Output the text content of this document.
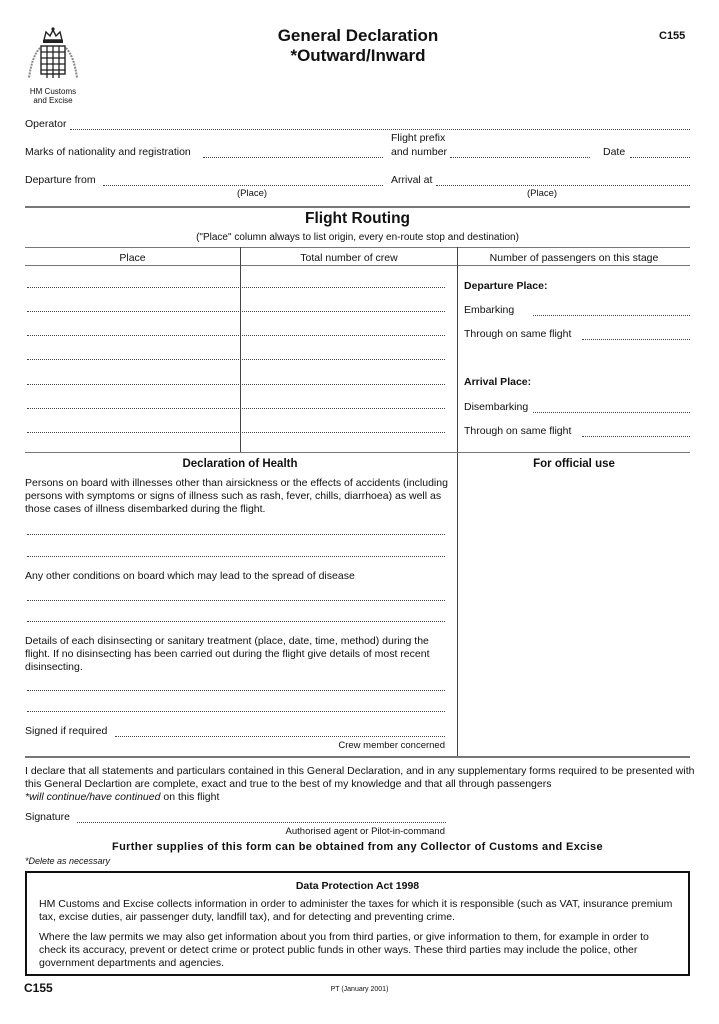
HM Customs
and Excise
General Declaration
*Outward/Inward
C155
Operator
Marks of nationality and registration
Flight prefix
and number	Date
Departure from
(Place)
Arrival at
(Place)
Flight Routing
("Place" column always to list origin, every en-route stop and destination)
Place	Total number of crew	Number of passengers on this stage
Departure Place:
Embarking
Through on same flight
Arrival Place:
Disembarking
Through on same flight
Declaration of Health	For official use
Persons on board with illnesses other than airsickness or the effects of accidents (including persons with symptoms or signs of illness such as rash, fever, chills, diarrhoea) as well as those cases of illness disembarked during the flight.
Any other conditions on board which may lead to the spread of disease
Details of each disinsecting or sanitary treatment (place, date, time, method) during the flight. If no disinsecting has been carried out during the flight give details of most recent disinsecting.
Signed if required
Crew member concerned
I declare that all statements and particulars contained in this General Declaration, and in any supplementary forms required to be presented with this General Declartion are complete, exact and true to the best of my knowledge and that all through passengers
*will continue/have continued on this flight
Signature
Authorised agent or Pilot-in-command
Further supplies of this form can be obtained from any Collector of Customs and Excise
*Delete as necessary
Data Protection Act 1998
HM Customs and Excise collects information in order to administer the taxes for which it is responsible (such as VAT, insurance premium tax, excise duties, air passenger duty, landfill tax), and for detecting and preventing crime.
Where the law permits we may also get information about you from third parties, or give information to them, for example in order to check its accuracy, prevent or detect crime or protect public funds in other ways. These third parties may include the police, other government departments and agencies.
C155	PT (January 2001)
